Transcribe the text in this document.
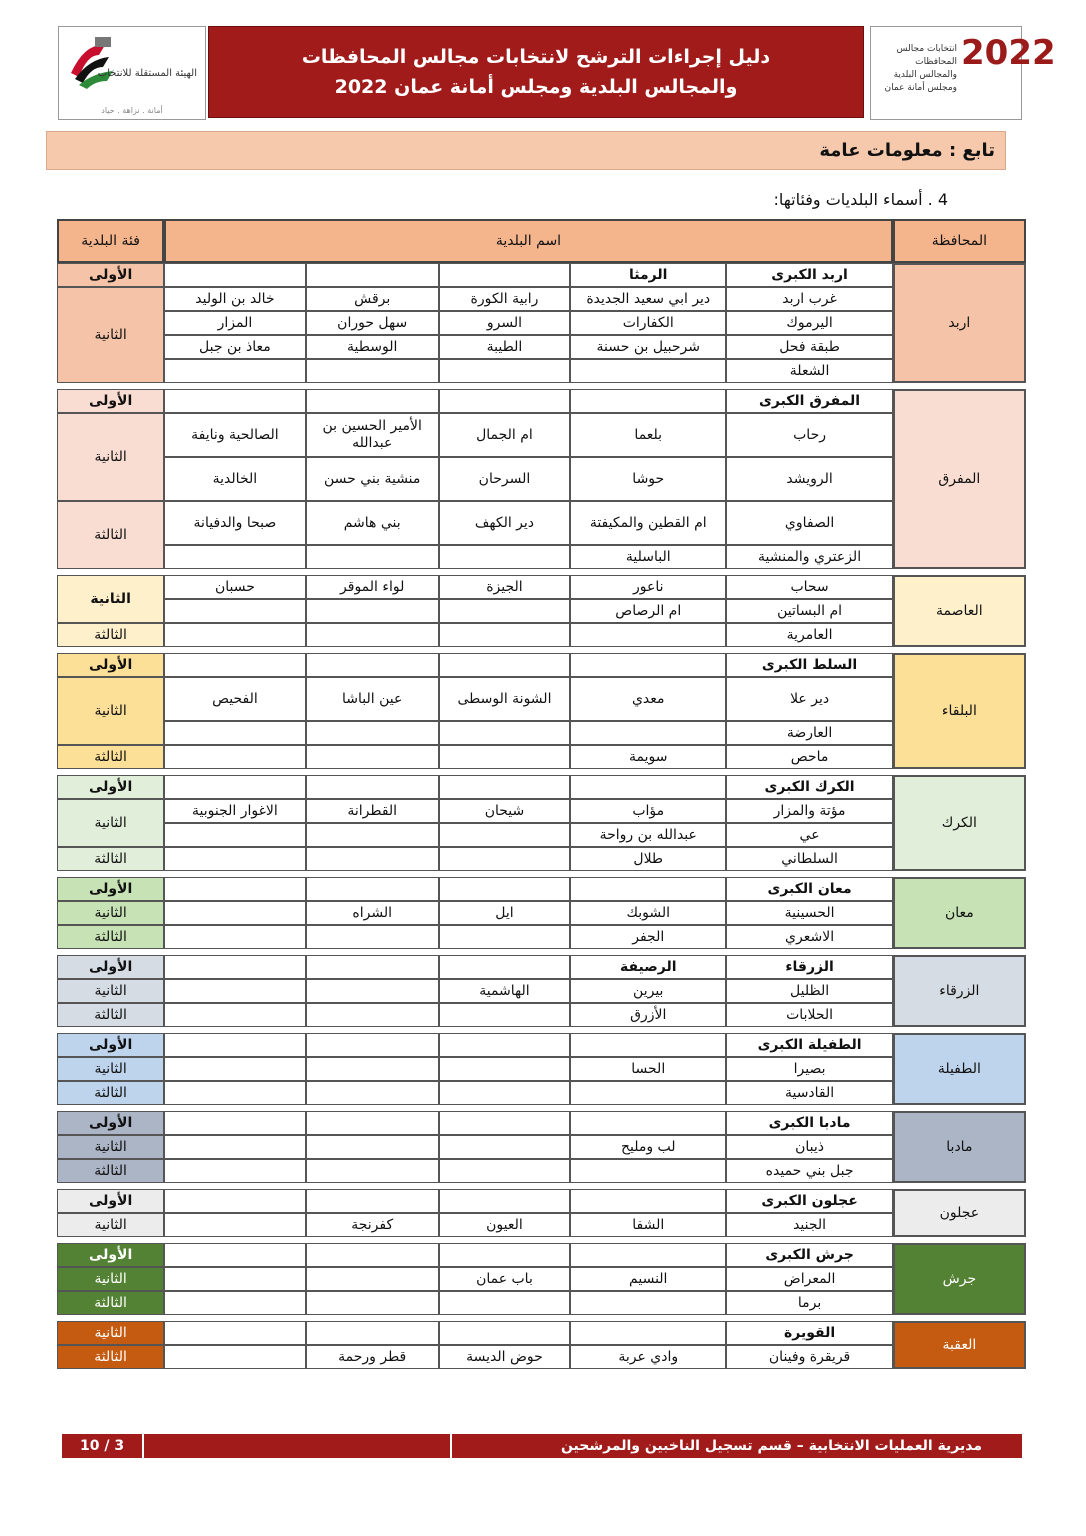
الهيئة المستقلة للانتخاب
أمانة . نزاهة . حياد
دليل إجراءات الترشح لانتخابات مجالس المحافظات
والمجالس البلدية ومجلس أمانة عمان 2022
2022
انتخابات مجالس المحافظات والمجالس البلدية ومجلس أمانة عمان
تابع : معلومات عامة
4 . أسماء البلديات وفئاتها:
المحافظة	اسم البلدية					فئة البلدية
اربد	اربد الكبرى	الرمثا				الأولى
	غرب اربد	دير ابي سعيد الجديدة	رابية الكورة	برقش	خالد بن الوليد	الثانية
	اليرموك	الكفارات	السرو	سهل حوران	المزار	
	طبقة فحل	شرحبيل بن حسنة	الطيبة	الوسطية	معاذ بن جبل	
	الشعلة					

المفرق	المفرق الكبرى					الأولى
	رحاب	بلعما	ام الجمال	الأمير الحسين بن عبدالله	الصالحية ونايفة	الثانية
	الرويشد	حوشا	السرحان	منشية بني حسن	الخالدية	
	الصفاوي	ام القطين والمكيفتة	دير الكهف	بني هاشم	صبحا والدفيانة	الثالثة
	الزعتري والمنشية	الباسلية				

العاصمة	سحاب	ناعور	الجيزة	لواء الموقر	حسبان	الثانية
	ام البساتين	ام الرصاص				
	العامرية					الثالثة

البلقاء	السلط الكبرى					الأولى
	دير علا	معدي	الشونة الوسطى	عين الباشا	الفحيص	الثانية
	العارضة					
	ماحص	سويمة				الثالثة

الكرك	الكرك الكبرى					الأولى
	مؤتة والمزار	مؤاب	شيحان	القطرانة	الاغوار الجنوبية	الثانية
	عي	عبدالله بن رواحة				
	السلطاني	طلال				الثالثة

معان	معان الكبرى					الأولى
	الحسينية	الشوبك	ايل	الشراه		الثانية
	الاشعري	الجفر				الثالثة

الزرقاء	الزرقاء	الرصيفة				الأولى
	الظليل	بيرين	الهاشمية			الثانية
	الحلابات	الأزرق				الثالثة

الطفيلة	الطفيلة الكبرى					الأولى
	بصيرا	الحسا				الثانية
	القادسية					الثالثة

مادبا	مادبا الكبرى					الأولى
	ذيبان	لب ومليح				الثانية
	جبل بني حميده					الثالثة

عجلون	عجلون الكبرى					الأولى
	الجنيد	الشفا	العيون	كفرنجة		الثانية

جرش	جرش الكبرى					الأولى
	المعراض	النسيم	باب عمان			الثانية
	برما					الثالثة

العقبة	القويرة					الثانية
	قريقرة وفينان	وادي عربة	حوض الديسة	قطر ورحمة		الثالثة
مديرية العمليات الانتخابية – قسم تسجيل الناخبين والمرشحين
3 / 10
